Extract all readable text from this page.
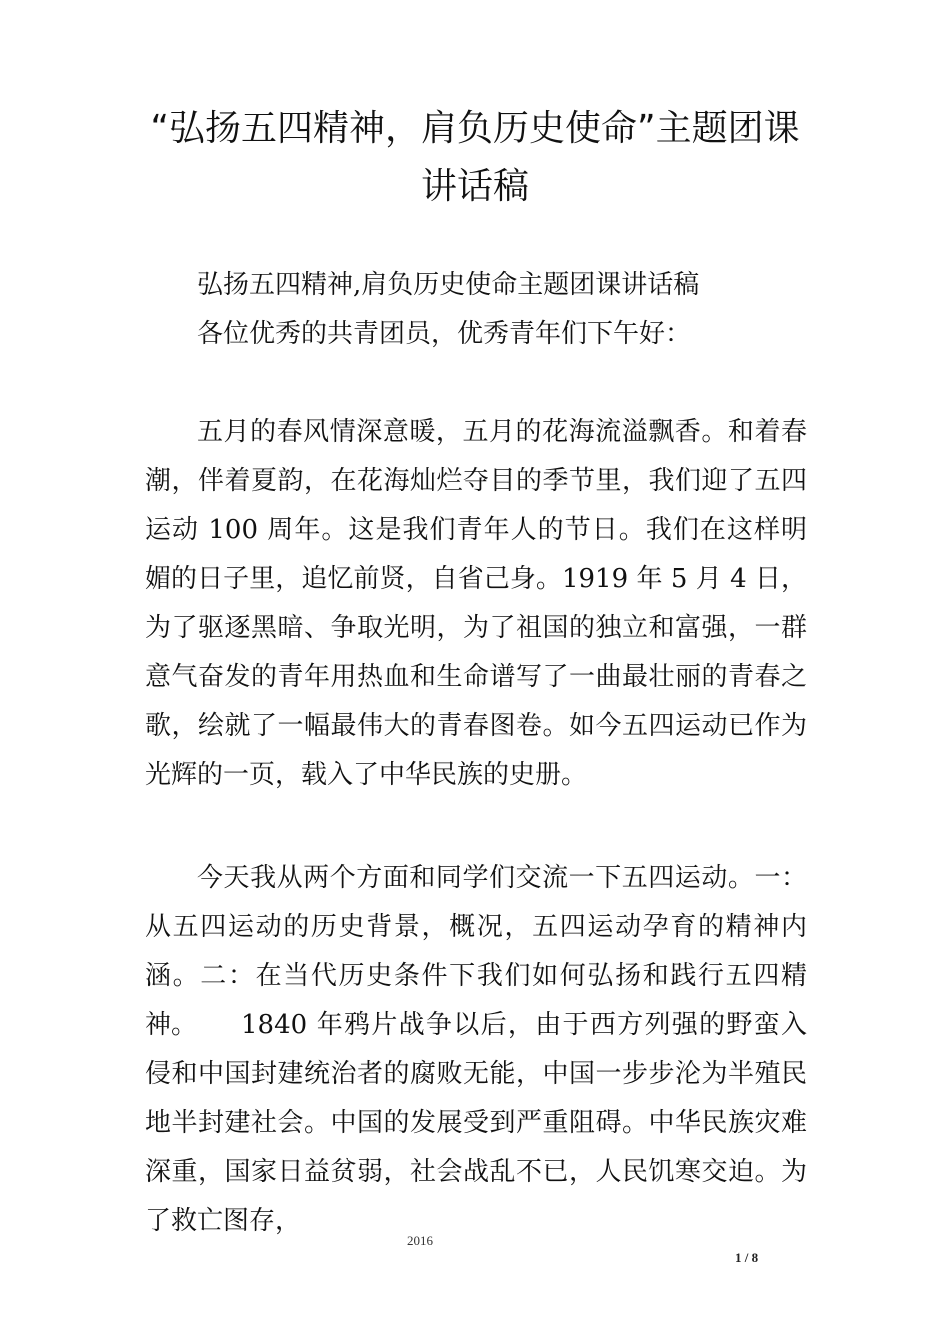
“弘扬五四精神，肩负历史使命”主题团课讲话稿

弘扬五四精神,肩负历史使命主题团课讲话稿

各位优秀的共青团员，优秀青年们下午好：

五月的春风情深意暖，五月的花海流溢飘香。和着春潮，伴着夏韵，在花海灿烂夺目的季节里，我们迎了五四运动 100 周年。这是我们青年人的节日。我们在这样明媚的日子里，追忆前贤，自省己身。1919 年 5 月 4 日，为了驱逐黑暗、争取光明，为了祖国的独立和富强，一群意气奋发的青年用热血和生命谱写了一曲最壮丽的青春之歌，绘就了一幅最伟大的青春图卷。如今五四运动已作为光辉的一页，载入了中华民族的史册。

今天我从两个方面和同学们交流一下五四运动。一：从五四运动的历史背景，概况，五四运动孕育的精神内涵。二：在当代历史条件下我们如何弘扬和践行五四精神。	1840 年鸦片战争以后，由于西方列强的野蛮入侵和中国封建统治者的腐败无能，中国一步步沦为半殖民地半封建社会。中国的发展受到严重阻碍。中华民族灾难深重，国家日益贫弱，社会战乱不已，人民饥寒交迫。为了救亡图存，

2016
1 / 8
